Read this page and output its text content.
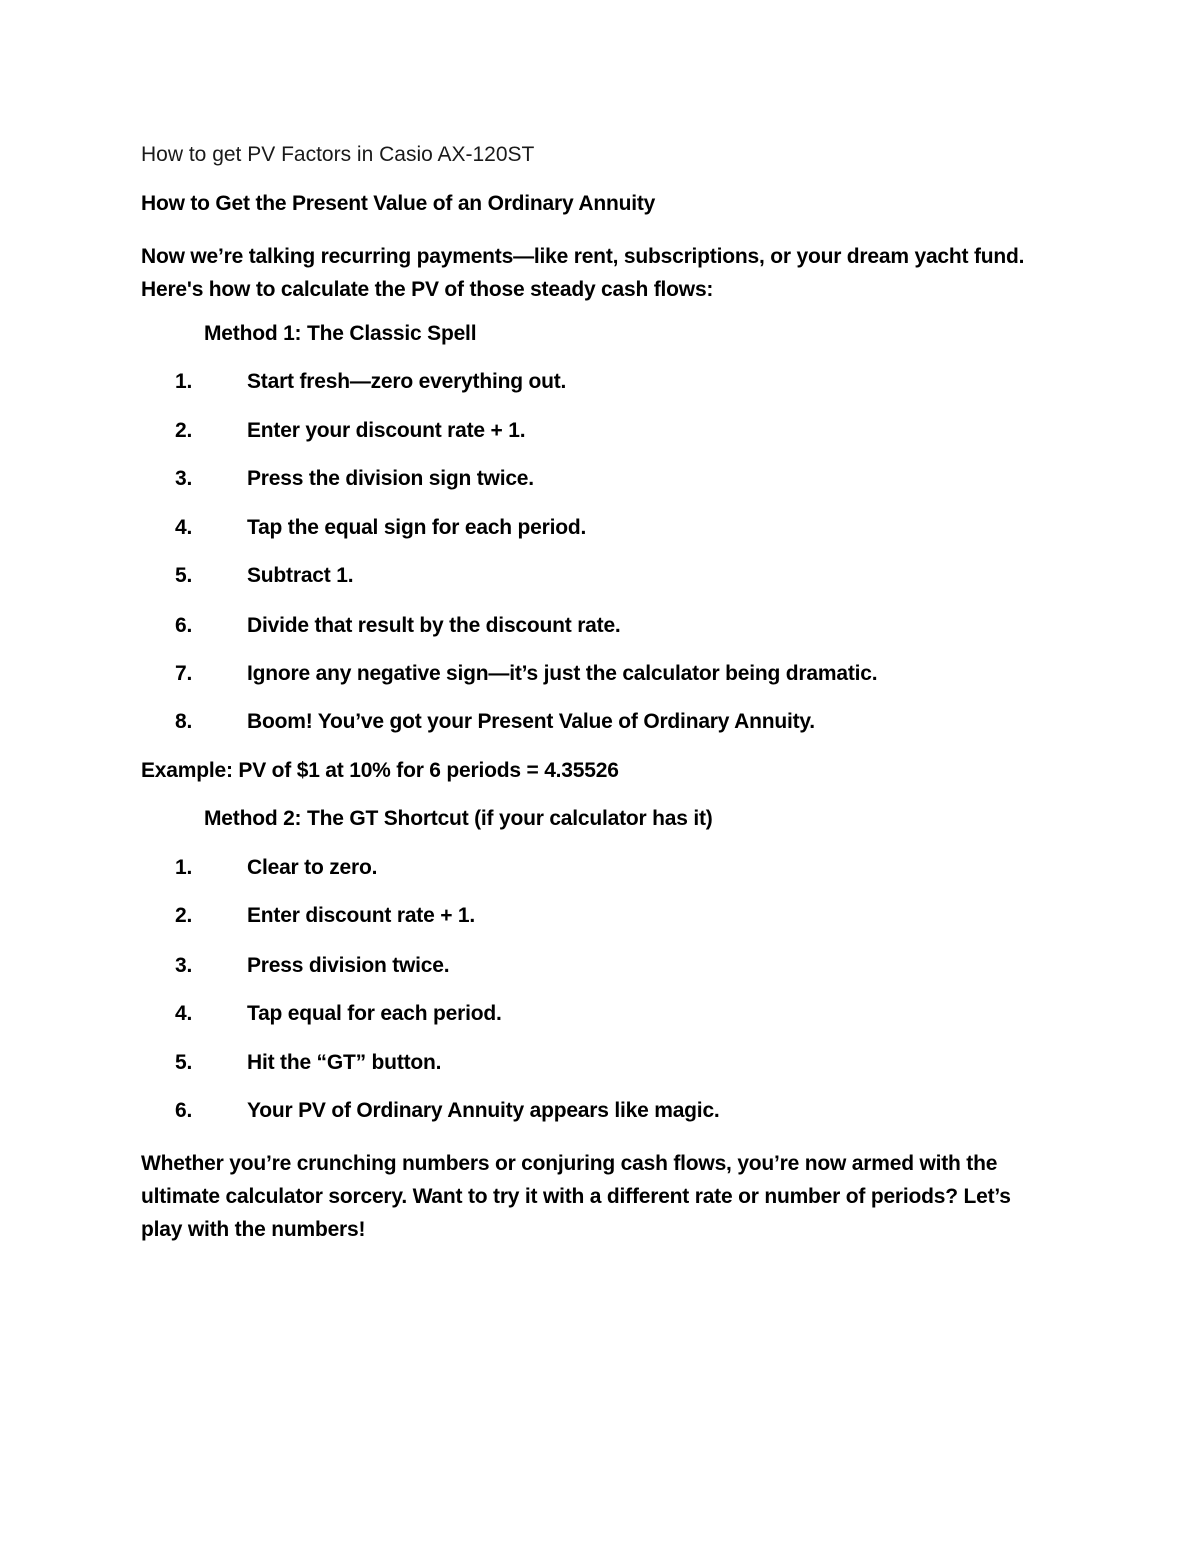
How to get PV Factors in Casio AX-120ST
How to Get the Present Value of an Ordinary Annuity
Now we’re talking recurring payments—like rent, subscriptions, or your dream yacht fund. Here's how to calculate the PV of those steady cash flows:
Method 1: The Classic Spell
1.	Start fresh—zero everything out.
2.	Enter your discount rate + 1.
3.	Press the division sign twice.
4.	Tap the equal sign for each period.
5.	Subtract 1.
6.	Divide that result by the discount rate.
7.	Ignore any negative sign—it’s just the calculator being dramatic.
8.	Boom! You’ve got your Present Value of Ordinary Annuity.
Example: PV of $1 at 10% for 6 periods = 4.35526
Method 2: The GT Shortcut (if your calculator has it)
1.	Clear to zero.
2.	Enter discount rate + 1.
3.	Press division twice.
4.	Tap equal for each period.
5.	Hit the “GT” button.
6.	Your PV of Ordinary Annuity appears like magic.
Whether you’re crunching numbers or conjuring cash flows, you’re now armed with the ultimate calculator sorcery. Want to try it with a different rate or number of periods? Let’s play with the numbers!
